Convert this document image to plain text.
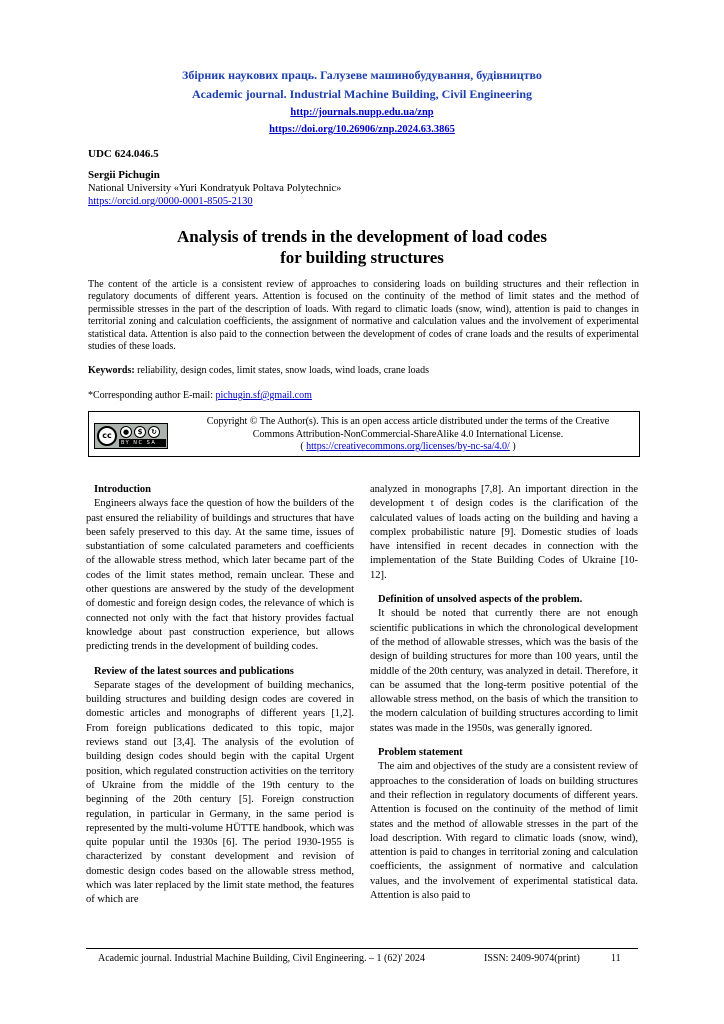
Збірник наукових праць. Галузеве машинобудування, будівництво
Academic journal. Industrial Machine Building, Civil Engineering
http://journals.nupp.edu.ua/znp
https://doi.org/10.26906/znp.2024.63.3865
UDC 624.046.5
Sergii Pichugin
National University «Yuri Kondratyuk Poltava Polytechnic»
https://orcid.org/0000-0001-8505-2130
Analysis of trends in the development of load codes
for building structures
The content of the article is a consistent review of approaches to considering loads on building structures and their reflection in regulatory documents of different years. Attention is focused on the continuity of the method of limit states and the method of permissible stresses in the part of the description of loads. With regard to climatic loads (snow, wind), attention is paid to changes in territorial zoning and calculation coefficients, the assignment of normative and calculation values and the involvement of experimental statistical data. Attention is also paid to the connection between the development of codes of crane loads and the results of experimental studies of these loads.
Keywords: reliability, design codes, limit states, snow loads, wind loads, crane loads
*Corresponding author E-mail: pichugin.sf@gmail.com
cc	●	$	↻
BY NC SA
Copyright © The Author(s). This is an open access article distributed under the terms of the Creative
Commons Attribution-NonCommercial-ShareAlike 4.0 International License.
( https://creativecommons.org/licenses/by-nc-sa/4.0/ )
Introduction

Engineers always face the question of how the builders of the past ensured the reliability of buildings and structures that have been safely preserved to this day. At the same time, issues of substantiation of some calculated parameters and coefficients of the allowable stress method, which later became part of the codes of the limit states method, remain unclear. These and other questions are answered by the study of the development of domestic and foreign design codes, the relevance of which is connected not only with the fact that history provides factual knowledge about past construction experience, but allows predicting trends in the development of building codes.

Review of the latest sources and publications

Separate stages of the development of building mechanics, building structures and building design codes are covered in domestic articles and monographs of different years [1,2]. From foreign publications dedicated to this topic, major reviews stand out [3,4]. The analysis of the evolution of building design codes should begin with the capital Urgent position, which regulated construction activities on the territory of Ukraine from the middle of the 19th century to the beginning of the 20th century [5]. Foreign construction regulation, in particular in Germany, in the same period is represented by the multi-volume HÜTTE handbook, which was quite popular until the 1930s [6]. The period 1930-1955 is characterized by constant development and revision of domestic design codes based on the allowable stress method, which was later replaced by the limit state method, the features of which are

analyzed in monographs [7,8]. An important direction in the development t of design codes is the clarification of the calculated values of loads acting on the building and having a complex probabilistic nature [9]. Domestic studies of loads have intensified in recent decades in connection with the implementation of the State Building Codes of Ukraine [10-12].

Definition of unsolved aspects of the problem.

It should be noted that currently there are not enough scientific publications in which the chronological development of the method of allowable stresses, which was the basis of the design of building structures for more than 100 years, until the middle of the 20th century, was analyzed in detail. Therefore, it can be assumed that the long-term positive potential of the allowable stress method, on the basis of which the transition to the modern calculation of building structures according to limit states was made in the 1950s, was generally ignored.

Problem statement

The aim and objectives of the study are a consistent review of approaches to the consideration of loads on building structures and their reflection in regulatory documents of different years. Attention is focused on the continuity of the method of limit states and the method of allowable stresses in the part of the load description. With regard to climatic loads (snow, wind), attention is paid to changes in territorial zoning and calculation coefficients, the assignment of normative and calculation values, and the involvement of experimental statistical data. Attention is also paid to

Academic journal. Industrial Machine Building, Civil Engineering. – 1 (62)' 2024	ISSN: 2409-9074(print)	11
